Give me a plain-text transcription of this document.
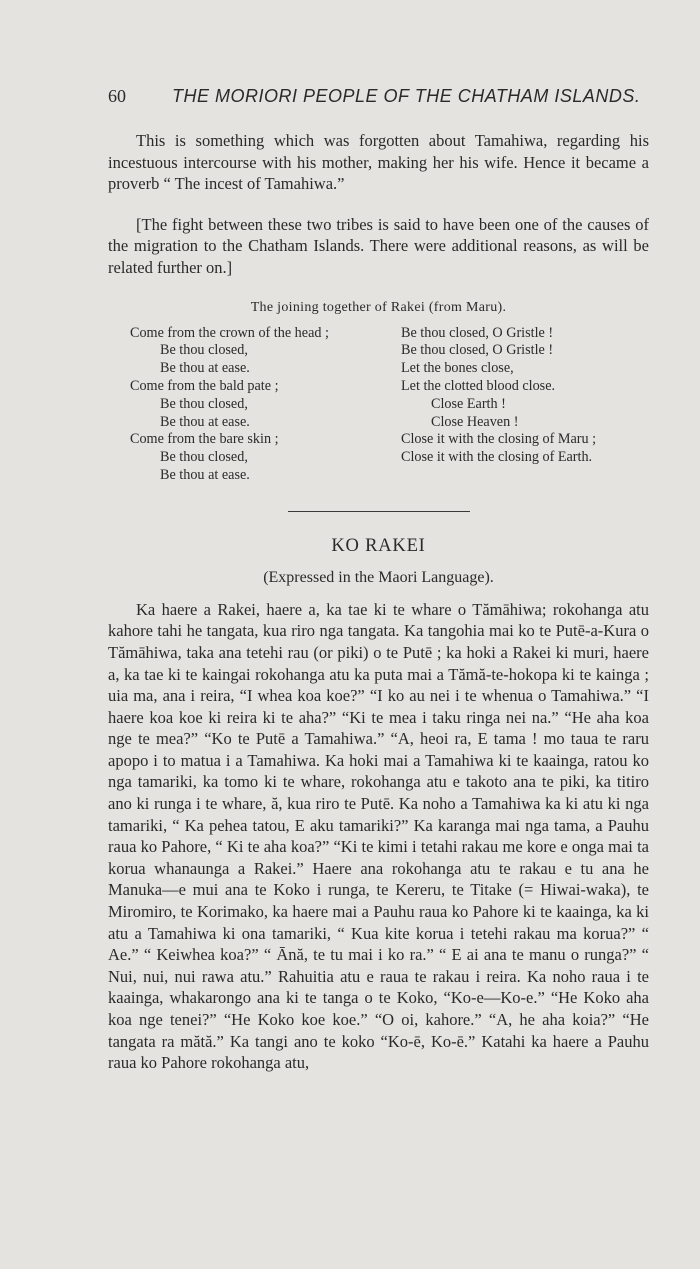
60	THE MORIORI PEOPLE OF THE CHATHAM ISLANDS.

This is something which was forgotten about Tamahiwa, regarding his incestuous intercourse with his mother, making her his wife. Hence it became a proverb “ The incest of Tamahiwa.”

[The fight between these two tribes is said to have been one of the causes of the migration to the Chatham Islands. There were additional reasons, as will be related further on.]

The joining together of Rakei (from Maru).
Come from the crown of the head ;
Be thou closed,
Be thou at ease.
Come from the bald pate ;
Be thou closed,
Be thou at ease.
Come from the bare skin ;
Be thou closed,
Be thou at ease.
Be thou closed, O Gristle !
Be thou closed, O Gristle !
Let the bones close,
Let the clotted blood close.
Close Earth !
Close Heaven !
Close it with the closing of Maru ;
Close it with the closing of Earth.
KO RAKEI
(Expressed in the Maori Language).

Ka haere a Rakei, haere a, ka tae ki te whare o Tămāhiwa; rokohanga atu kahore tahi he tangata, kua riro nga tangata. Ka tangohia mai ko te Putē-a-Kura o Tămāhiwa, taka ana tetehi rau (or piki) o te Putē ; ka hoki a Rakei ki muri, haere a, ka tae ki te kaingai rokohanga atu ka puta mai a Tămă-te-hokopa ki te kainga ; uia ma, ana i reira, “I whea koa koe?” “I ko au nei i te whenua o Tamahiwa.” “I haere koa koe ki reira ki te aha?” “Ki te mea i taku ringa nei na.” “He aha koa nge te mea?” “Ko te Putē a Tamahiwa.” “A, heoi ra, E tama ! mo taua te raru apopo i to matua i a Tamahiwa. Ka hoki mai a Tamahiwa ki te kaainga, ratou ko nga tamariki, ka tomo ki te whare, rokohanga atu e takoto ana te piki, ka titiro ano ki runga i te whare, ă, kua riro te Putē. Ka noho a Tamahiwa ka ki atu ki nga tamariki, “ Ka pehea tatou, E aku tamariki?” Ka karanga mai nga tama, a Pauhu raua ko Pahore, “ Ki te aha koa?” “Ki te kimi i tetahi rakau me kore e onga mai ta korua whanaunga a Rakei.” Haere ana rokohanga atu te rakau e tu ana he Manuka—e mui ana te Koko i runga, te Kereru, te Titake (= Hiwai-waka), te Miromiro, te Korimako, ka haere mai a Pauhu raua ko Pahore ki te kaainga, ka ki atu a Tamahiwa ki ona tamariki, “ Kua kite korua i tetehi rakau ma korua?” “ Ae.” “ Keiwhea koa?” “ Ānă, te tu mai i ko ra.” “ E ai ana te manu o runga?” “ Nui, nui, nui rawa atu.” Rahuitia atu e raua te rakau i reira. Ka noho raua i te kaainga, whakarongo ana ki te tanga o te Koko, “Ko-e—Ko-e.” “He Koko aha koa nge tenei?” “He Koko koe koe.” “O oi, kahore.” “A, he aha koia?” “He tangata ra mătă.” Ka tangi ano te koko “Ko-ē, Ko-ē.” Katahi ka haere a Pauhu raua ko Pahore rokohanga atu,
